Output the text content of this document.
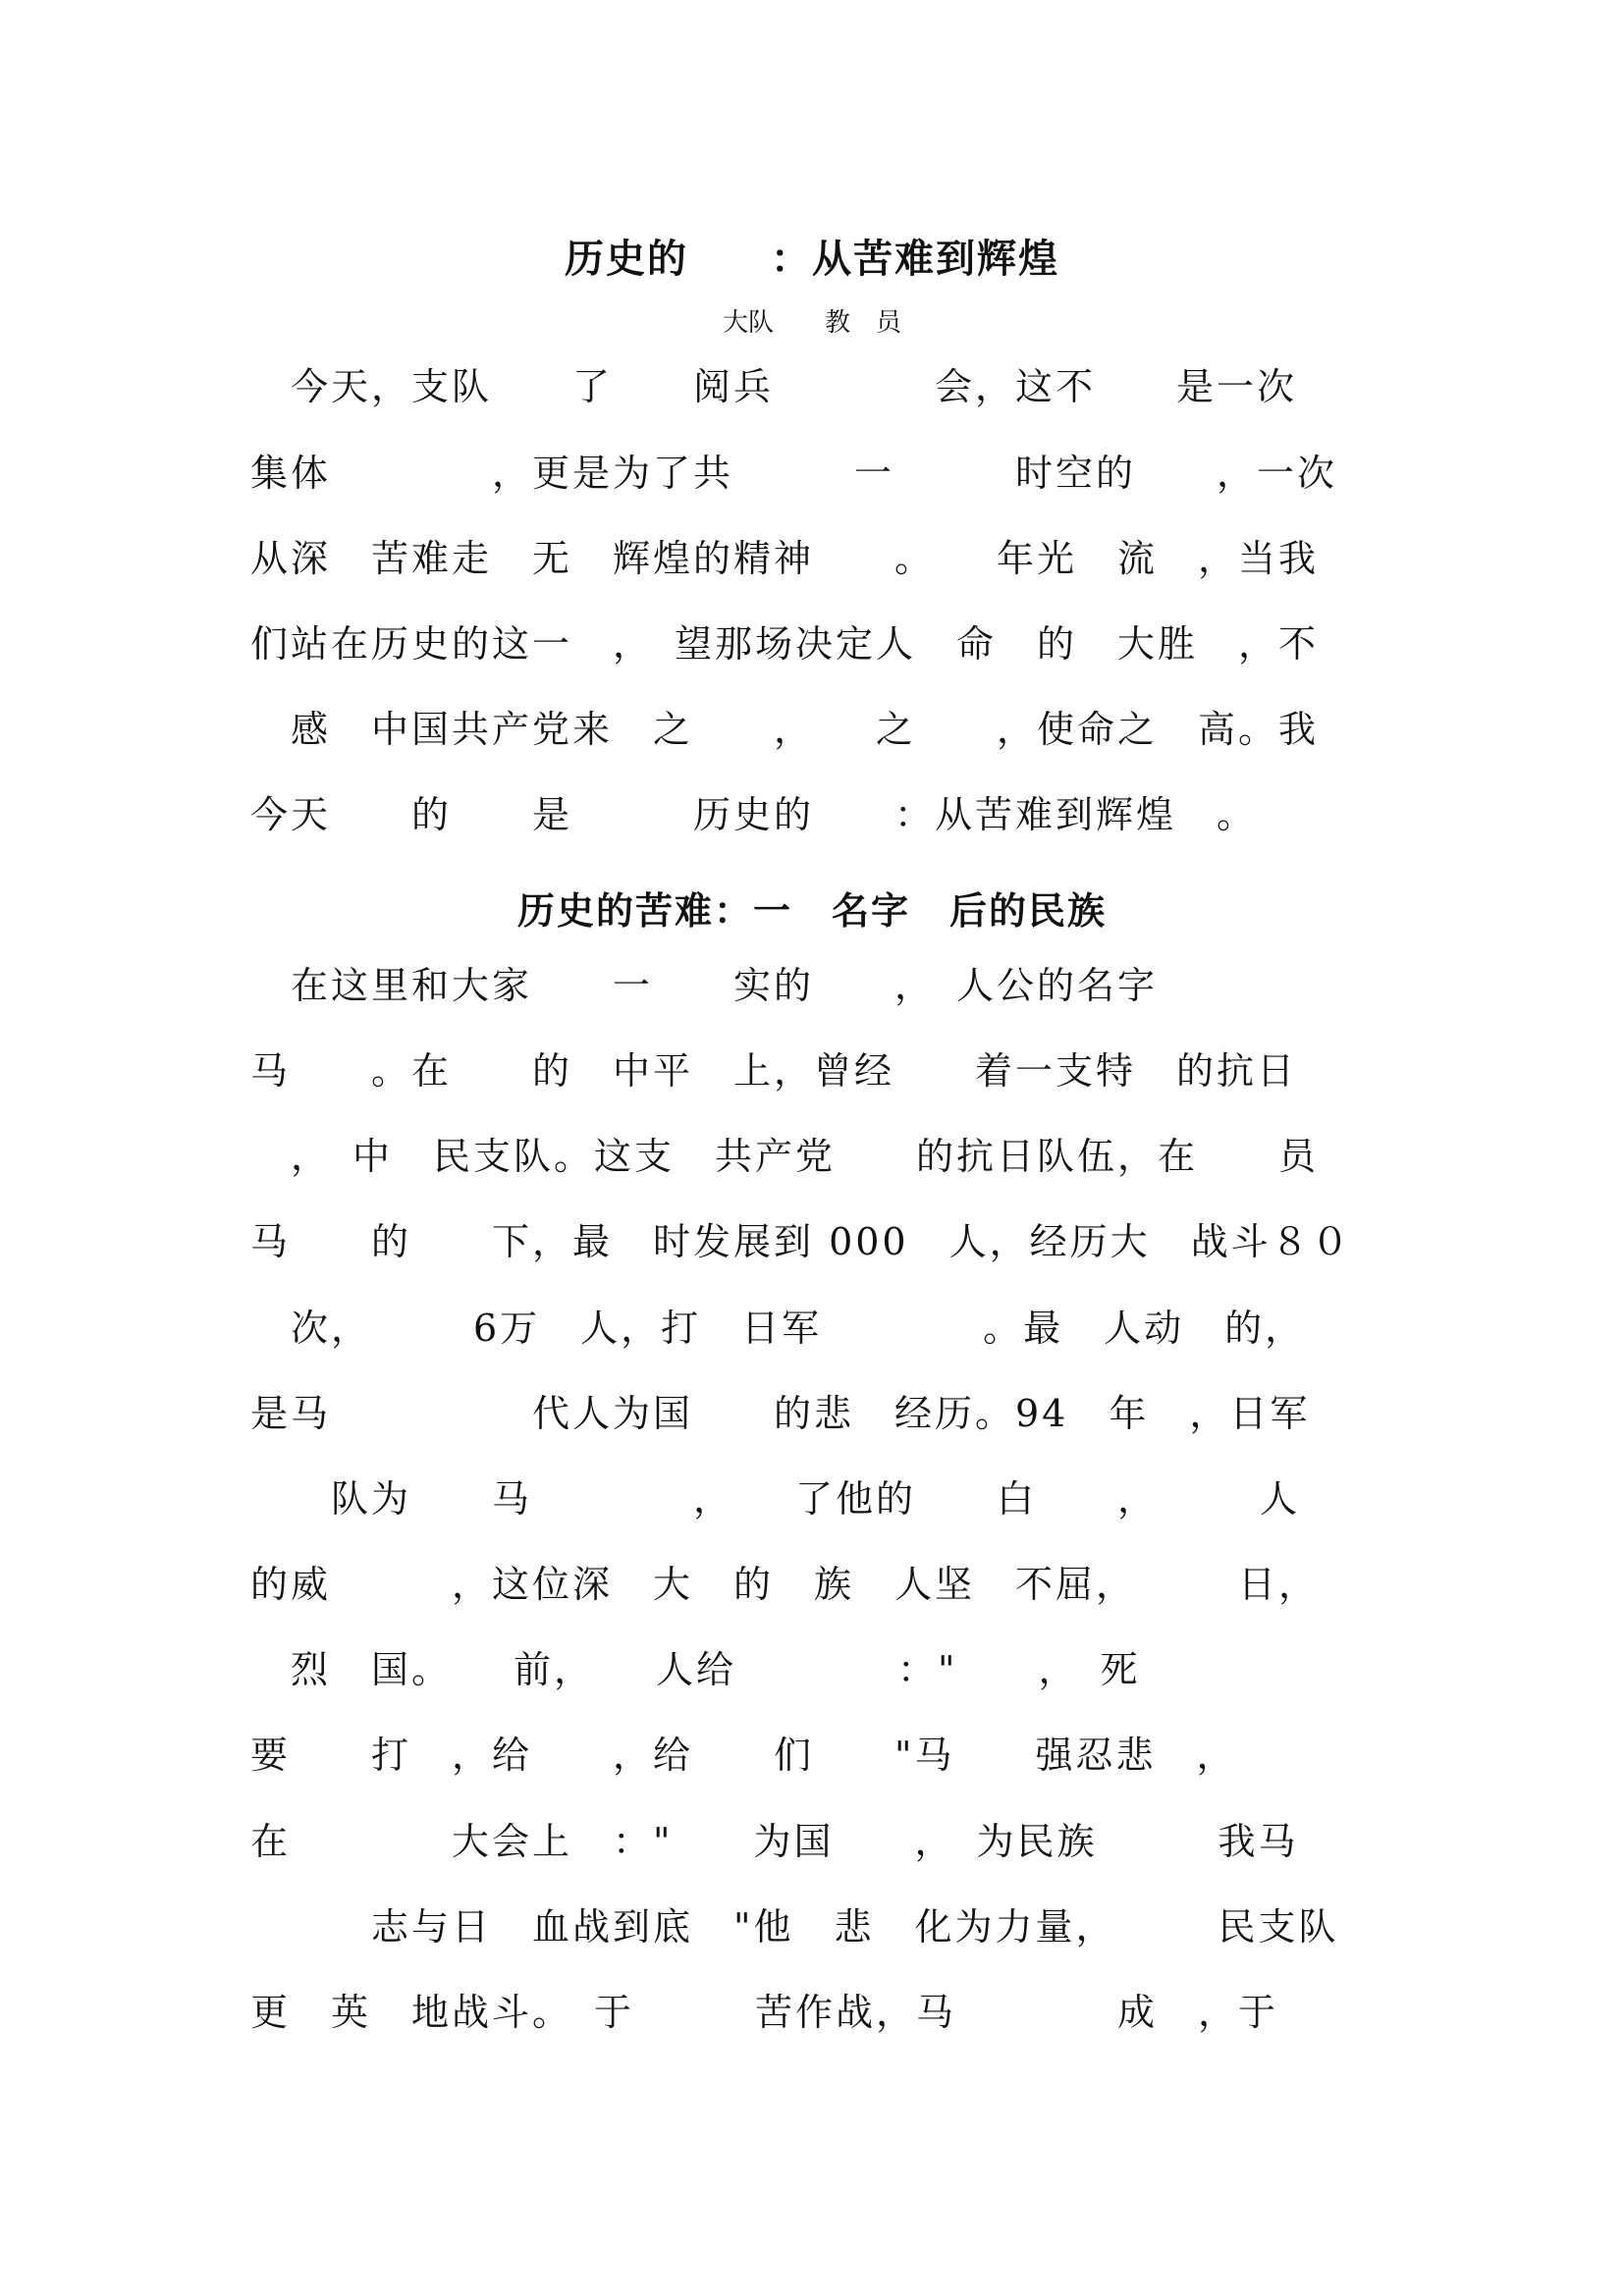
历史的　　：从苦难到辉煌
大队　　教　员
　今天，支队　　了　　阅兵　　　　会，这不　　是一次
集体　　　　，更是为了共　　　一　　　时空的　　，一次
从深　苦难走　无　辉煌的精神　　。　　年光　流　，当我
们站在历史的这一　，　望那场决定人　命　的　大胜　，不
　感　中国共产党来　之　　，　　之　　，使命之　高。我
今天　　的　　是　　　历史的　　：从苦难到辉煌　。
历史的苦难：一　名字　后的民族
　在这里和大家　　一　　实的　　，　人公的名字
马　　。在　　的　中平　上，曾经　　着一支特　的抗日
　，　中　民支队。这支　共产党　　的抗日队伍，在　　员
马　　的　　下，最　时发展到 000　人，经历大　战斗８０
　次，　　　6万　人，打　日军　　　　。最　人动　的，
是马　　　　　代人为国　　的悲　经历。94　年　，日军
　　队为　　马　　　　，　　了他的　　白　　，　　　人
的威　　　，这位深　大　的　族　人坚　不屈，　　　日，
　烈　国。　　前，　　人给　　　　："　　，　死
要　　打　，给　　，给　　们　　"马　　强忍悲　，
在　　　　大会上　："　　为国　　，　为民族　　　我马
　　　志与日　血战到底　"他　悲　化为力量，　　　民支队
更　英　地战斗。　于　　　苦作战，马　　　　成　，于
